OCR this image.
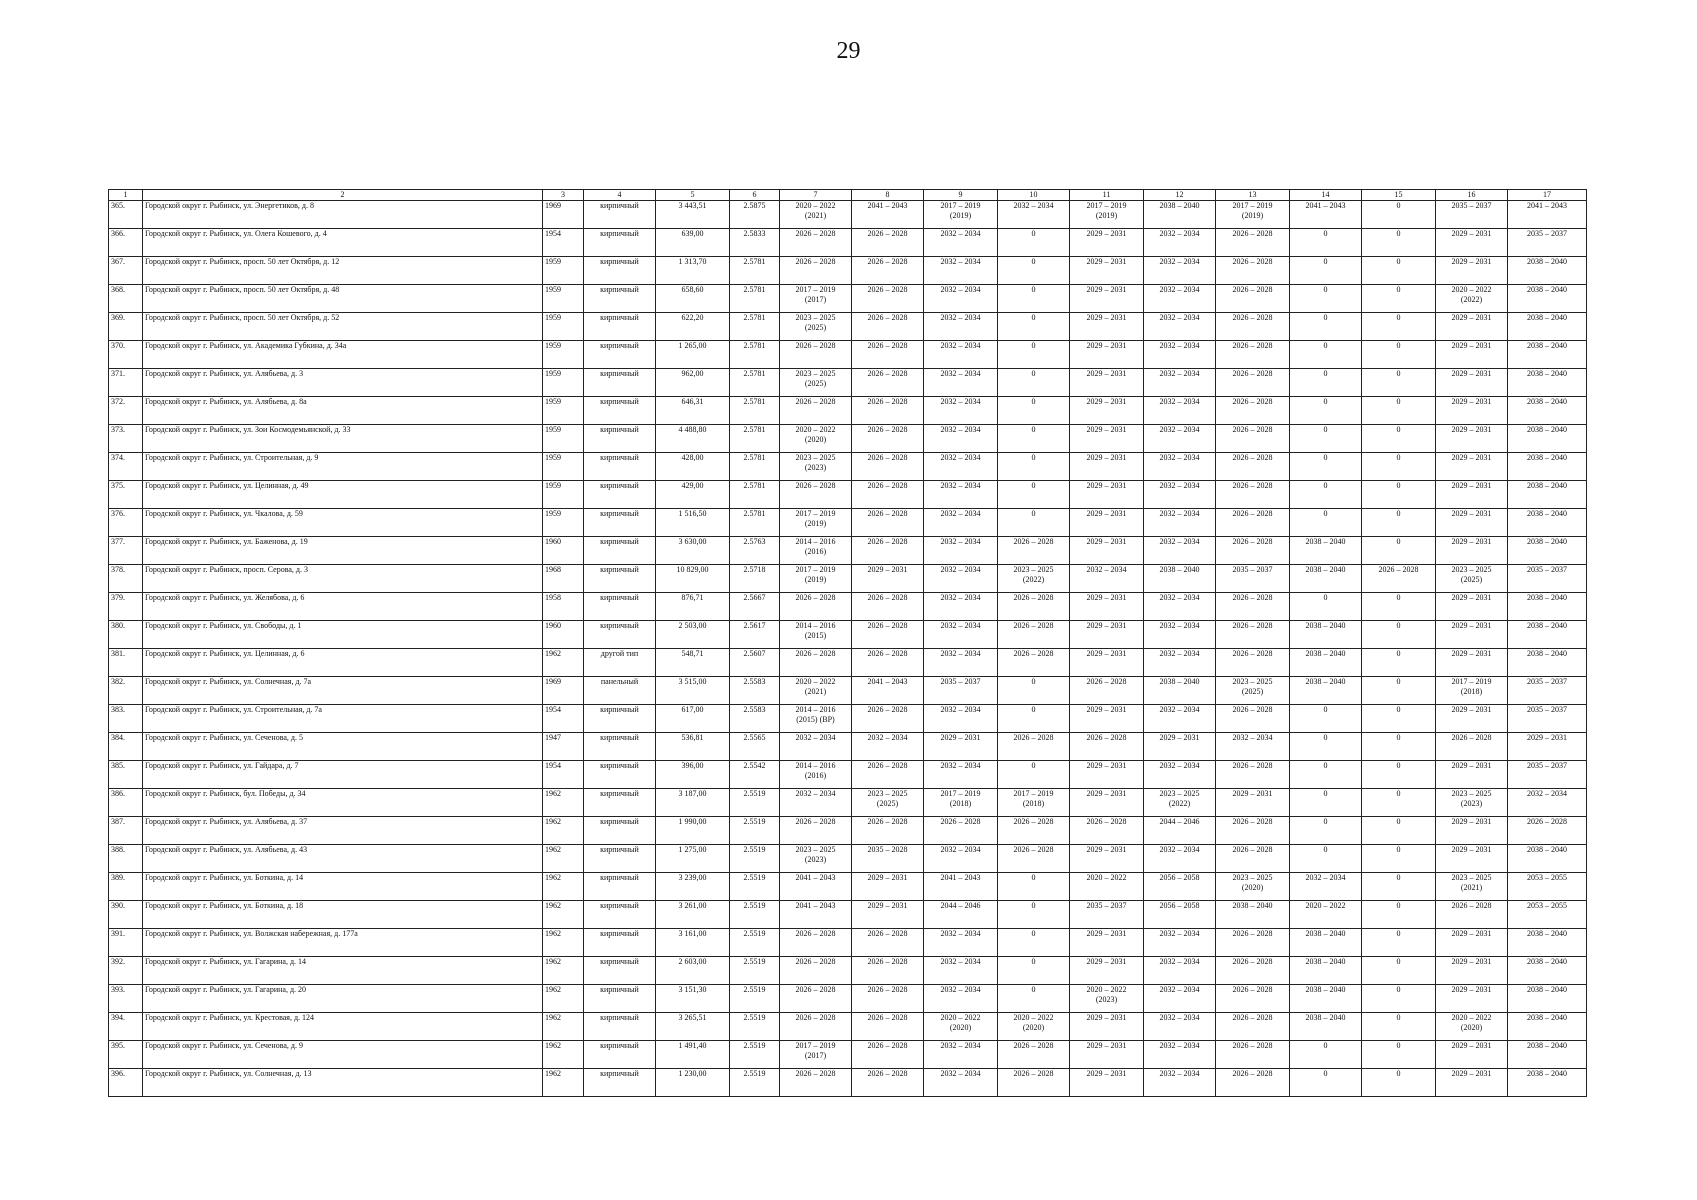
29
1	2	3	4	5	6	7	8	9	10	11	12	13	14	15	16	17

365.	Городской округ г. Рыбинск, ул. Энергетиков, д. 8	1969	кирпичный	3 443,51	2.5875	2020 – 2022
(2021)	2041 – 2043	2017 – 2019
(2019)	2032 – 2034	2017 – 2019
(2019)	2038 – 2040	2017 – 2019
(2019)	2041 – 2043	0	2035 – 2037	2041 – 2043

366.	Городской округ г. Рыбинск, ул. Олега Кошевого, д. 4	1954	кирпичный	639,00	2.5833	2026 – 2028	2026 – 2028	2032 – 2034	0	2029 – 2031	2032 – 2034	2026 – 2028	0	0	2029 – 2031	2035 – 2037

367.	Городской округ г. Рыбинск, просп. 50 лет Октября, д. 12	1959	кирпичный	1 313,70	2.5781	2026 – 2028	2026 – 2028	2032 – 2034	0	2029 – 2031	2032 – 2034	2026 – 2028	0	0	2029 – 2031	2038 – 2040

368.	Городской округ г. Рыбинск, просп. 50 лет Октября, д. 48	1959	кирпичный	658,60	2.5781	2017 – 2019
(2017)	2026 – 2028	2032 – 2034	0	2029 – 2031	2032 – 2034	2026 – 2028	0	0	2020 – 2022
(2022)	2038 – 2040

369.	Городской округ г. Рыбинск, просп. 50 лет Октября, д. 52	1959	кирпичный	622,20	2.5781	2023 – 2025
(2025)	2026 – 2028	2032 – 2034	0	2029 – 2031	2032 – 2034	2026 – 2028	0	0	2029 – 2031	2038 – 2040

370.	Городской округ г. Рыбинск, ул. Академика Губкина, д. 34а	1959	кирпичный	1 265,00	2.5781	2026 – 2028	2026 – 2028	2032 – 2034	0	2029 – 2031	2032 – 2034	2026 – 2028	0	0	2029 – 2031	2038 – 2040

371.	Городской округ г. Рыбинск, ул. Алябьева, д. 3	1959	кирпичный	962,00	2.5781	2023 – 2025
(2025)	2026 – 2028	2032 – 2034	0	2029 – 2031	2032 – 2034	2026 – 2028	0	0	2029 – 2031	2038 – 2040

372.	Городской округ г. Рыбинск, ул. Алябьева, д. 8а	1959	кирпичный	646,31	2.5781	2026 – 2028	2026 – 2028	2032 – 2034	0	2029 – 2031	2032 – 2034	2026 – 2028	0	0	2029 – 2031	2038 – 2040

373.	Городской округ г. Рыбинск, ул. Зои Космодемьянской, д. 33	1959	кирпичный	4 488,80	2.5781	2020 – 2022
(2020)	2026 – 2028	2032 – 2034	0	2029 – 2031	2032 – 2034	2026 – 2028	0	0	2029 – 2031	2038 – 2040

374.	Городской округ г. Рыбинск, ул. Строительная, д. 9	1959	кирпичный	428,00	2.5781	2023 – 2025
(2023)	2026 – 2028	2032 – 2034	0	2029 – 2031	2032 – 2034	2026 – 2028	0	0	2029 – 2031	2038 – 2040

375.	Городской округ г. Рыбинск, ул. Целинная, д. 49	1959	кирпичный	429,00	2.5781	2026 – 2028	2026 – 2028	2032 – 2034	0	2029 – 2031	2032 – 2034	2026 – 2028	0	0	2029 – 2031	2038 – 2040

376.	Городской округ г. Рыбинск, ул. Чкалова, д. 59	1959	кирпичный	1 516,50	2.5781	2017 – 2019
(2019)	2026 – 2028	2032 – 2034	0	2029 – 2031	2032 – 2034	2026 – 2028	0	0	2029 – 2031	2038 – 2040

377.	Городской округ г. Рыбинск, ул. Баженова, д. 19	1960	кирпичный	3 630,00	2.5763	2014 – 2016
(2016)	2026 – 2028	2032 – 2034	2026 – 2028	2029 – 2031	2032 – 2034	2026 – 2028	2038 – 2040	0	2029 – 2031	2038 – 2040

378.	Городской округ г. Рыбинск, просп. Серова, д. 3	1968	кирпичный	10 829,00	2.5718	2017 – 2019
(2019)	2029 – 2031	2032 – 2034	2023 – 2025
(2022)	2032 – 2034	2038 – 2040	2035 – 2037	2038 – 2040	2026 – 2028	2023 – 2025
(2025)	2035 – 2037

379.	Городской округ г. Рыбинск, ул. Желябова, д. 6	1958	кирпичный	876,71	2.5667	2026 – 2028	2026 – 2028	2032 – 2034	2026 – 2028	2029 – 2031	2032 – 2034	2026 – 2028	0	0	2029 – 2031	2038 – 2040

380.	Городской округ г. Рыбинск, ул. Свободы, д. 1	1960	кирпичный	2 503,00	2.5617	2014 – 2016
(2015)	2026 – 2028	2032 – 2034	2026 – 2028	2029 – 2031	2032 – 2034	2026 – 2028	2038 – 2040	0	2029 – 2031	2038 – 2040

381.	Городской округ г. Рыбинск, ул. Целинная, д. 6	1962	другой тип	548,71	2.5607	2026 – 2028	2026 – 2028	2032 – 2034	2026 – 2028	2029 – 2031	2032 – 2034	2026 – 2028	2038 – 2040	0	2029 – 2031	2038 – 2040

382.	Городской округ г. Рыбинск, ул. Солнечная, д. 7а	1969	панельный	3 515,00	2.5583	2020 – 2022
(2021)	2041 – 2043	2035 – 2037	0	2026 – 2028	2038 – 2040	2023 – 2025
(2025)	2038 – 2040	0	2017 – 2019
(2018)	2035 – 2037

383.	Городской округ г. Рыбинск, ул. Строительная, д. 7а	1954	кирпичный	617,00	2.5583	2014 – 2016
(2015) (ВР)	2026 – 2028	2032 – 2034	0	2029 – 2031	2032 – 2034	2026 – 2028	0	0	2029 – 2031	2035 – 2037

384.	Городской округ г. Рыбинск, ул. Сеченова, д. 5	1947	кирпичный	536,81	2.5565	2032 – 2034	2032 – 2034	2029 – 2031	2026 – 2028	2026 – 2028	2029 – 2031	2032 – 2034	0	0	2026 – 2028	2029 – 2031

385.	Городской округ г. Рыбинск, ул. Гайдара, д. 7	1954	кирпичный	396,00	2.5542	2014 – 2016
(2016)	2026 – 2028	2032 – 2034	0	2029 – 2031	2032 – 2034	2026 – 2028	0	0	2029 – 2031	2035 – 2037

386.	Городской округ г. Рыбинск, бул. Победы, д. 34	1962	кирпичный	3 187,00	2.5519	2032 – 2034	2023 – 2025
(2025)	2017 – 2019
(2018)	2017 – 2019
(2018)	2029 – 2031	2023 – 2025
(2022)	2029 – 2031	0	0	2023 – 2025
(2023)	2032 – 2034

387.	Городской округ г. Рыбинск, ул. Алябьева, д. 37	1962	кирпичный	1 990,00	2.5519	2026 – 2028	2026 – 2028	2026 – 2028	2026 – 2028	2026 – 2028	2044 – 2046	2026 – 2028	0	0	2029 – 2031	2026 – 2028

388.	Городской округ г. Рыбинск, ул. Алябьева, д. 43	1962	кирпичный	1 275,00	2.5519	2023 – 2025
(2023)	2035 – 2028	2032 – 2034	2026 – 2028	2029 – 2031	2032 – 2034	2026 – 2028	0	0	2029 – 2031	2038 – 2040

389.	Городской округ г. Рыбинск, ул. Боткина, д. 14	1962	кирпичный	3 239,00	2.5519	2041 – 2043	2029 – 2031	2041 – 2043	0	2020 – 2022	2056 – 2058	2023 – 2025
(2020)	2032 – 2034	0	2023 – 2025
(2021)	2053 – 2055

390.	Городской округ г. Рыбинск, ул. Боткина, д. 18	1962	кирпичный	3 261,00	2.5519	2041 – 2043	2029 – 2031	2044 – 2046	0	2035 – 2037	2056 – 2058	2038 – 2040	2020 – 2022	0	2026 – 2028	2053 – 2055

391.	Городской округ г. Рыбинск, ул. Волжская набережная, д. 177а	1962	кирпичный	3 161,00	2.5519	2026 – 2028	2026 – 2028	2032 – 2034	0	2029 – 2031	2032 – 2034	2026 – 2028	2038 – 2040	0	2029 – 2031	2038 – 2040

392.	Городской округ г. Рыбинск, ул. Гагарина, д. 14	1962	кирпичный	2 603,00	2.5519	2026 – 2028	2026 – 2028	2032 – 2034	0	2029 – 2031	2032 – 2034	2026 – 2028	2038 – 2040	0	2029 – 2031	2038 – 2040

393.	Городской округ г. Рыбинск, ул. Гагарина, д. 20	1962	кирпичный	3 151,30	2.5519	2026 – 2028	2026 – 2028	2032 – 2034	0	2020 – 2022
(2023)	2032 – 2034	2026 – 2028	2038 – 2040	0	2029 – 2031	2038 – 2040

394.	Городской округ г. Рыбинск, ул. Крестовая, д. 124	1962	кирпичный	3 265,51	2.5519	2026 – 2028	2026 – 2028	2020 – 2022
(2020)	2020 – 2022
(2020)	2029 – 2031	2032 – 2034	2026 – 2028	2038 – 2040	0	2020 – 2022
(2020)	2038 – 2040

395.	Городской округ г. Рыбинск, ул. Сеченова, д. 9	1962	кирпичный	1 491,40	2.5519	2017 – 2019
(2017)	2026 – 2028	2032 – 2034	2026 – 2028	2029 – 2031	2032 – 2034	2026 – 2028	0	0	2029 – 2031	2038 – 2040

396.	Городской округ г. Рыбинск, ул. Солнечная, д. 13	1962	кирпичный	1 230,00	2.5519	2026 – 2028	2026 – 2028	2032 – 2034	2026 – 2028	2029 – 2031	2032 – 2034	2026 – 2028	0	0	2029 – 2031	2038 – 2040
